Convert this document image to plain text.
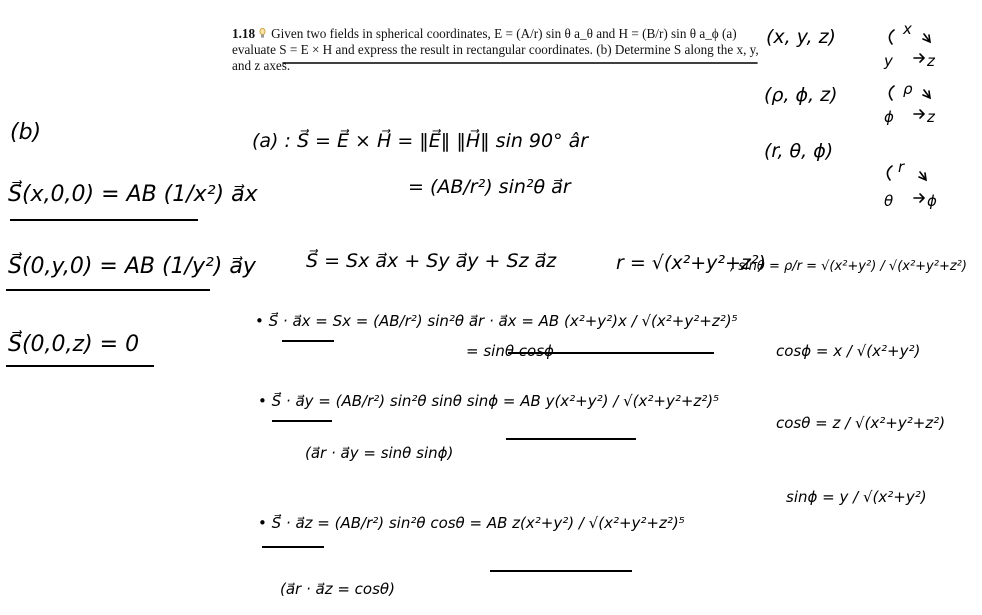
1.18 Given two fields in spherical coordinates, E = (A/r) sin θ a_θ and H = (B/r) sin θ a_ϕ (a) evaluate S = E × H and express the result in rectangular coordinates. (b) Determine S along the x, y, and z axes.
(x, y, z)
(ρ, ϕ, z)
(r, θ, ϕ)
x
y z
ρ
ϕ z
r
θ ϕ
(b)
S⃗(x,0,0) = AB (1/x²) a⃗x
S⃗(0,y,0) = AB (1/y²) a⃗y
S⃗(0,0,z) = 0
(a) : S⃗ = E⃗ × H⃗ = ‖E⃗‖ ‖H⃗‖ sin 90° âr
= (AB/r²) sin²θ a⃗r
S⃗ = Sx a⃗x + Sy a⃗y + Sz a⃗z	r = √(x²+y²+z²)
• S⃗ · a⃗x = Sx = (AB/r²) sin²θ a⃗r · a⃗x = AB (x²+y²)x / √(x²+y²+z²)⁵
= sinθ cosϕ
• S⃗ · a⃗y = (AB/r²) sin²θ sinθ sinϕ = AB y(x²+y²) / √(x²+y²+z²)⁵
(a⃗r · a⃗y = sinθ sinϕ)
• S⃗ · a⃗z = (AB/r²) sin²θ cosθ = AB z(x²+y²) / √(x²+y²+z²)⁵
(a⃗r · a⃗z = cosθ)
, sinθ = ρ/r = √(x²+y²) / √(x²+y²+z²)
cosϕ = x / √(x²+y²)
cosθ = z / √(x²+y²+z²)
sinϕ = y / √(x²+y²)
